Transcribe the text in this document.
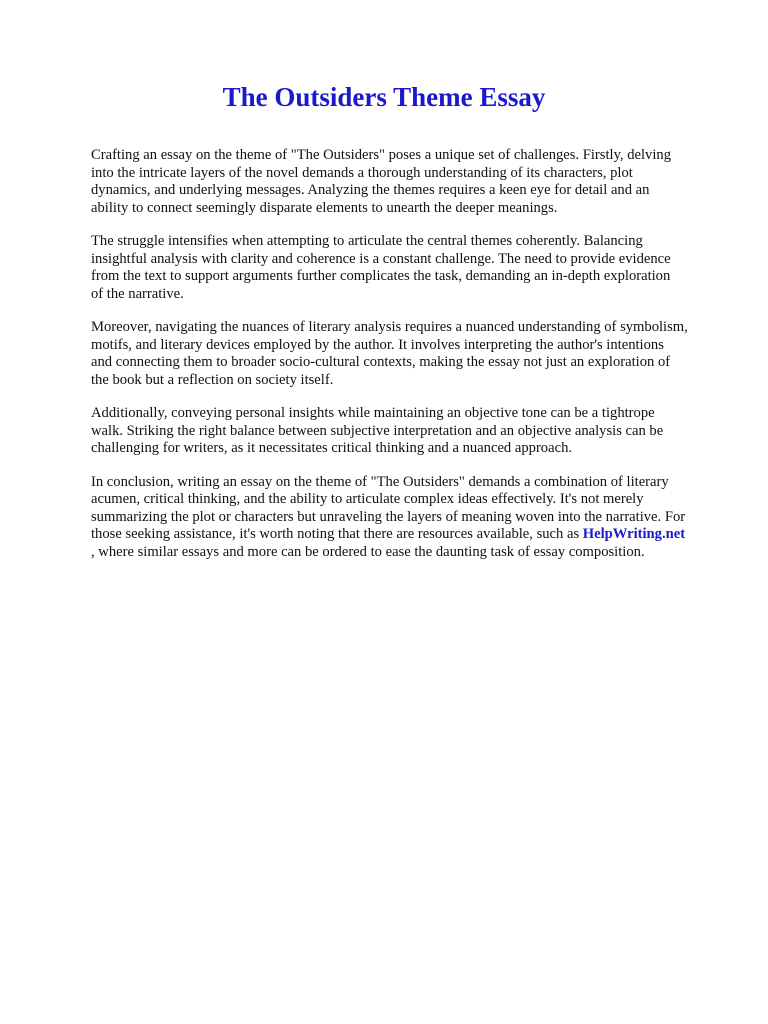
The Outsiders Theme Essay

Crafting an essay on the theme of "The Outsiders" poses a unique set of challenges. Firstly, delving
into the intricate layers of the novel demands a thorough understanding of its characters, plot
dynamics, and underlying messages. Analyzing the themes requires a keen eye for detail and an
ability to connect seemingly disparate elements to unearth the deeper meanings.

The struggle intensifies when attempting to articulate the central themes coherently. Balancing
insightful analysis with clarity and coherence is a constant challenge. The need to provide evidence
from the text to support arguments further complicates the task, demanding an in-depth exploration
of the narrative.

Moreover, navigating the nuances of literary analysis requires a nuanced understanding of symbolism,
motifs, and literary devices employed by the author. It involves interpreting the author's intentions
and connecting them to broader socio-cultural contexts, making the essay not just an exploration of
the book but a reflection on society itself.

Additionally, conveying personal insights while maintaining an objective tone can be a tightrope
walk. Striking the right balance between subjective interpretation and an objective analysis can be
challenging for writers, as it necessitates critical thinking and a nuanced approach.

In conclusion, writing an essay on the theme of "The Outsiders" demands a combination of literary
acumen, critical thinking, and the ability to articulate complex ideas effectively. It's not merely
summarizing the plot or characters but unraveling the layers of meaning woven into the narrative. For
those seeking assistance, it's worth noting that there are resources available, such as HelpWriting.net
, where similar essays and more can be ordered to ease the daunting task of essay composition.
